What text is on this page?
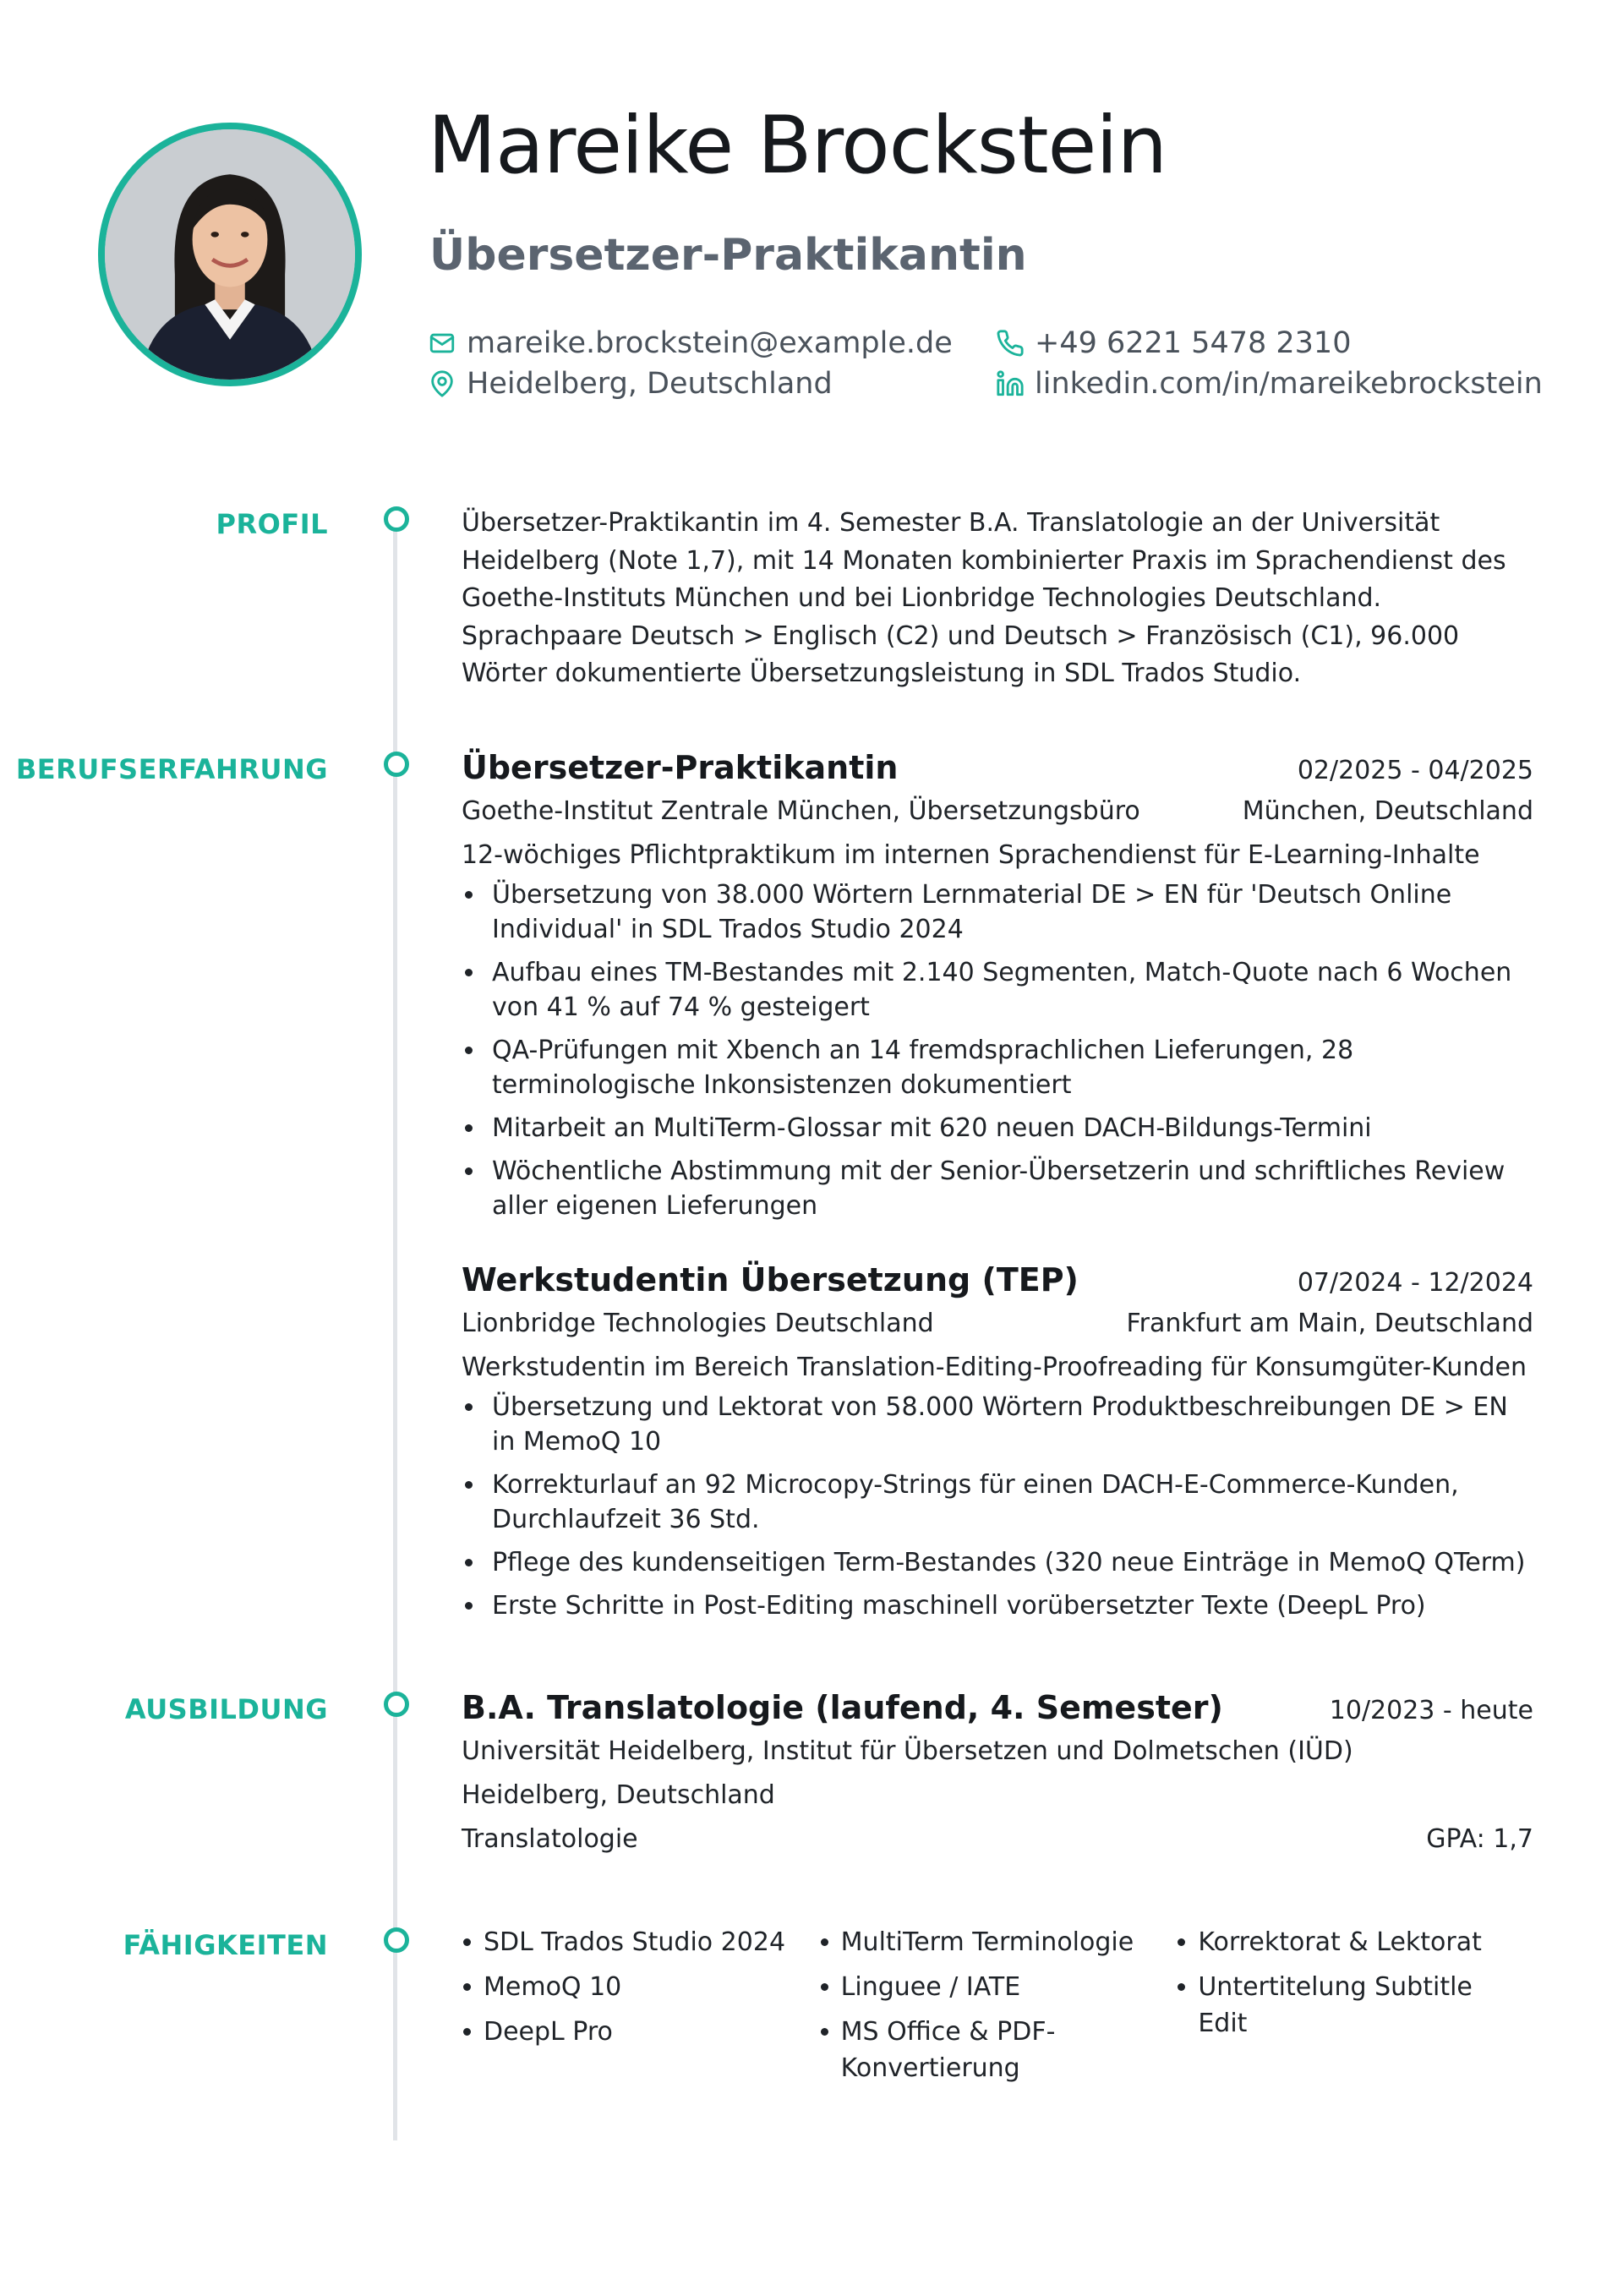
Mareike Brockstein
Übersetzer-Praktikantin
mareike.brockstein@example.de	+49 6221 5478 2310
Heidelberg, Deutschland	linkedin.com/in/mareikebrockstein
PROFIL	Übersetzer-Praktikantin im 4. Semester B.A. Translatologie an der Universität Heidelberg (Note 1,7), mit 14 Monaten kombinierter Praxis im Sprachendienst des Goethe-Instituts München und bei Lionbridge Technologies Deutschland. Sprachpaare Deutsch > Englisch (C2) und Deutsch > Französisch (C1), 96.000 Wörter dokumentierte Übersetzungsleistung in SDL Trados Studio.

BERUFSERFAHRUNG	Übersetzer-Praktikantin	02/2025 - 04/2025
Goethe-Institut Zentrale München, Übersetzungsbüro	München, Deutschland
12-wöchiges Pflichtpraktikum im internen Sprachendienst für E-Learning-Inhalte
Übersetzung von 38.000 Wörtern Lernmaterial DE > EN für 'Deutsch Online Individual' in SDL Trados Studio 2024
Aufbau eines TM-Bestandes mit 2.140 Segmenten, Match-Quote nach 6 Wochen von 41 % auf 74 % gesteigert
QA-Prüfungen mit Xbench an 14 fremdsprachlichen Lieferungen, 28 terminologische Inkonsistenzen dokumentiert
Mitarbeit an MultiTerm-Glossar mit 620 neuen DACH-Bildungs-Termini
Wöchentliche Abstimmung mit der Senior-Übersetzerin und schriftliches Review aller eigenen Lieferungen
Werkstudentin Übersetzung (TEP)	07/2024 - 12/2024
Lionbridge Technologies Deutschland	Frankfurt am Main, Deutschland
Werkstudentin im Bereich Translation-Editing-Proofreading für Konsumgüter-Kunden
Übersetzung und Lektorat von 58.000 Wörtern Produktbeschreibungen DE > EN in MemoQ 10
Korrekturlauf an 92 Microcopy-Strings für einen DACH-E-Commerce-Kunden, Durchlaufzeit 36 Std.
Pflege des kundenseitigen Term-Bestandes (320 neue Einträge in MemoQ QTerm)
Erste Schritte in Post-Editing maschinell vorübersetzter Texte (DeepL Pro)
AUSBILDUNG	B.A. Translatologie (laufend, 4. Semester)	10/2023 - heute
Universität Heidelberg, Institut für Übersetzen und Dolmetschen (IÜD)
Heidelberg, Deutschland
Translatologie	GPA: 1,7
FÄHIGKEITEN	SDL Trados Studio 2024
MemoQ 10
DeepL Pro
MultiTerm Terminologie
Linguee / IATE
MS Office & PDF-Konvertierung
Korrektorat & Lektorat
Untertitelung Subtitle Edit
